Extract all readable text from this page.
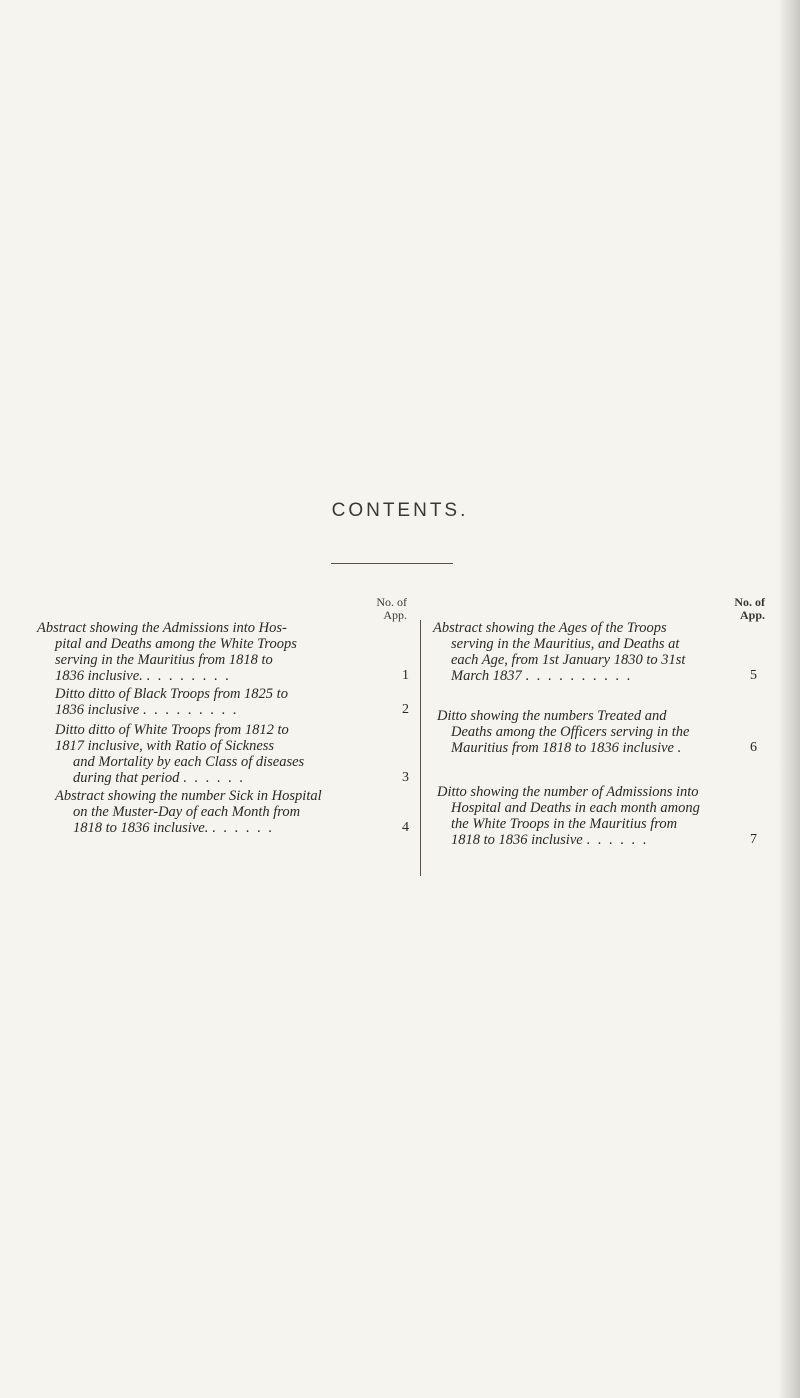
CONTENTS.
No. of
App.
Abstract showing the Admissions into Hos-
pital and Deaths among the White Troops
serving in the Mauritius from 1818 to
1836 inclusive. . . . . . . . .	1
Ditto ditto of Black Troops from 1825 to
1836 inclusive . . . . . . . . .	2
Ditto ditto of White Troops from 1812 to
1817 inclusive, with Ratio of Sickness
and Mortality by each Class of diseases
during that period . . . . . .	3
Abstract showing the number Sick in Hospital
on the Muster-Day of each Month from
1818 to 1836 inclusive. . . . . . .	4
No. of
App.
Abstract showing the Ages of the Troops
serving in the Mauritius, and Deaths at
each Age, from 1st January 1830 to 31st
March 1837 . . . . . . . . . .	5
Ditto showing the numbers Treated and
Deaths among the Officers serving in the
Mauritius from 1818 to 1836 inclusive .	6
Ditto showing the number of Admissions into
Hospital and Deaths in each month among
the White Troops in the Mauritius from
1818 to 1836 inclusive . . . . . .	7
